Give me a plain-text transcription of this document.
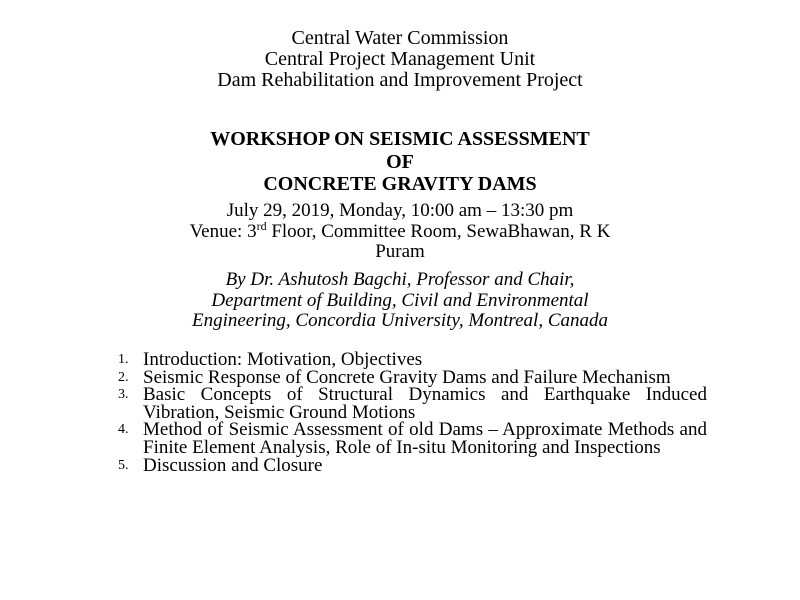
Central Water Commission
Central Project Management Unit
Dam Rehabilitation and Improvement Project
WORKSHOP ON SEISMIC ASSESSMENT
OF
CONCRETE GRAVITY DAMS
July 29, 2019, Monday, 10:00 am – 13:30 pm
Venue: 3rd Floor, Committee Room, SewaBhawan, R K
Puram
By Dr. Ashutosh Bagchi, Professor and Chair,
Department of Building, Civil and Environmental
Engineering, Concordia University, Montreal, Canada
1. Introduction: Motivation, Objectives
2. Seismic Response of Concrete Gravity Dams and Failure Mechanism
3. Basic Concepts of Structural Dynamics and Earthquake Induced Vibration, Seismic Ground Motions
4. Method of Seismic Assessment of old Dams – Approximate Methods and Finite Element Analysis, Role of In-situ Monitoring and Inspections
5. Discussion and Closure
